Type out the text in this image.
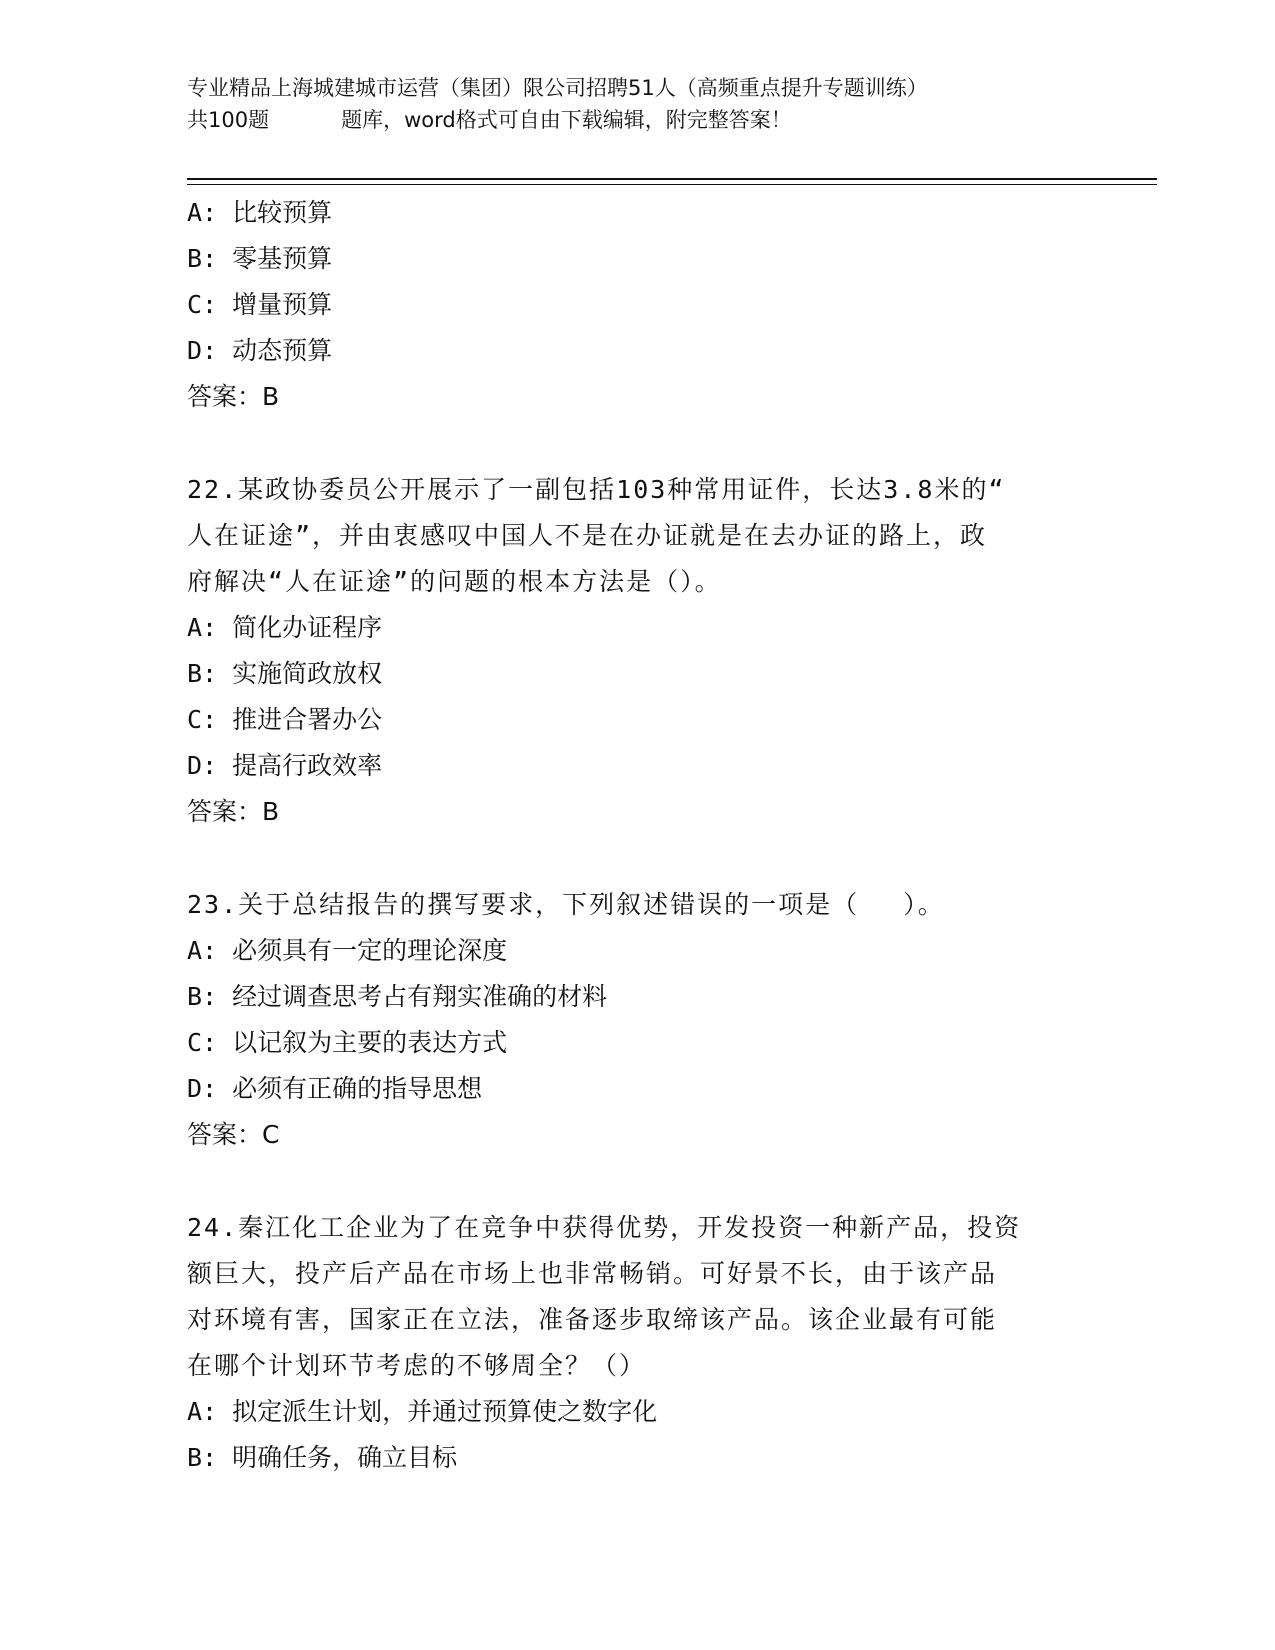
专业精品上海城建城市运营（集团）限公司招聘51人（高频重点提升专题训练）
共100题	题库，word格式可自由下载编辑，附完整答案！
A: 比较预算
B: 零基预算
C: 增量预算
D: 动态预算
答案：B
22.某政协委员公开展示了一副包括103种常用证件，长达3.8米的“
人在证途”，并由衷感叹中国人不是在办证就是在去办证的路上，政
府解决“人在证途”的问题的根本方法是（）。
A: 简化办证程序
B: 实施简政放权
C: 推进合署办公
D: 提高行政效率
答案：B
23.关于总结报告的撰写要求，下列叙述错误的一项是（　 ）。
A: 必须具有一定的理论深度
B: 经过调查思考占有翔实准确的材料
C: 以记叙为主要的表达方式
D: 必须有正确的指导思想
答案：C
24.秦江化工企业为了在竞争中获得优势，开发投资一种新产品，投资
额巨大，投产后产品在市场上也非常畅销。可好景不长，由于该产品
对环境有害，国家正在立法，准备逐步取缔该产品。该企业最有可能
在哪个计划环节考虑的不够周全？（）
A: 拟定派生计划，并通过预算使之数字化
B: 明确任务，确立目标
